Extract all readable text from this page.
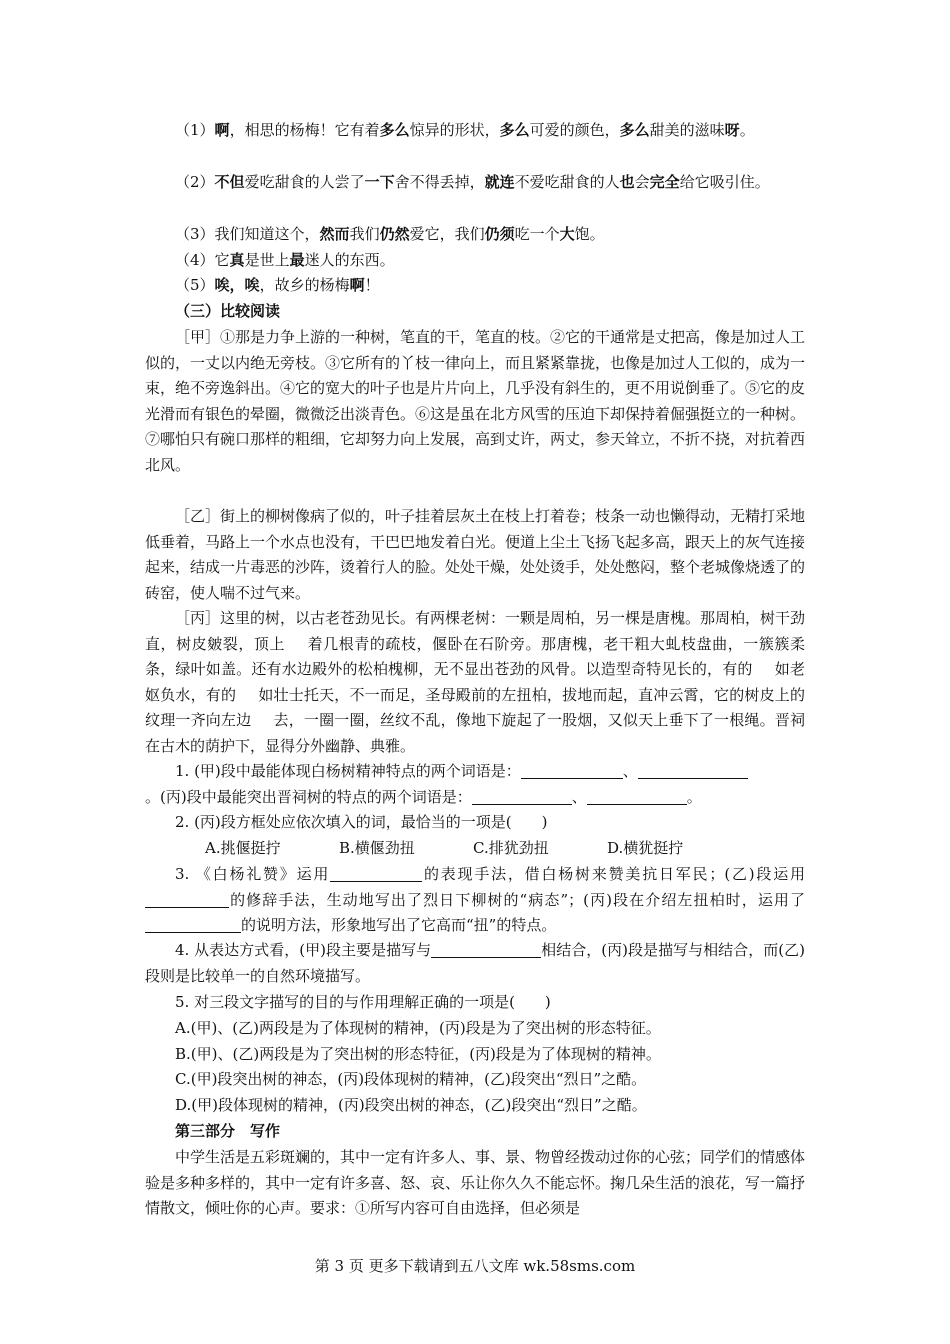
（1）啊，相思的杨梅！它有着多么惊异的形状，多么可爱的颜色，多么甜美的滋味呀。

（2）不但爱吃甜食的人尝了一下舍不得丢掉，就连不爱吃甜食的人也会完全给它吸引住。

（3）我们知道这个，然而我们仍然爱它，我们仍须吃一个大饱。

（4）它真是世上最迷人的东西。

（5）唉，唉，故乡的杨梅啊！

（三）比较阅读

［甲］①那是力争上游的一种树，笔直的干，笔直的枝。②它的干通常是丈把高，像是加过人工似的，一丈以内绝无旁枝。③它所有的丫枝一律向上，而且紧紧靠拢，也像是加过人工似的，成为一束，绝不旁逸斜出。④它的宽大的叶子也是片片向上，几乎没有斜生的，更不用说倒垂了。⑤它的皮光滑而有银色的晕圈，微微泛出淡青色。⑥这是虽在北方风雪的压迫下却保持着倔强挺立的一种树。⑦哪怕只有碗口那样的粗细，它却努力向上发展，高到丈许，两丈，参天耸立，不折不挠，对抗着西北风。

［乙］街上的柳树像病了似的，叶子挂着层灰土在枝上打着卷；枝条一动也懒得动，无精打采地低垂着，马路上一个水点也没有，干巴巴地发着白光。便道上尘土飞扬飞起多高，跟天上的灰气连接起来，结成一片毒恶的沙阵，烫着行人的脸。处处干燥，处处烫手，处处憋闷，整个老城像烧透了的砖窑，使人喘不过气来。

［丙］这里的树，以古老苍劲见长。有两棵老树：一颗是周柏，另一棵是唐槐。那周柏，树干劲直，树皮皴裂，顶上 着几根青的疏枝，偃卧在石阶旁。那唐槐，老干粗大虬枝盘曲，一簇簇柔条，绿叶如盖。还有水边殿外的松柏槐柳，无不显出苍劲的风骨。以造型奇特见长的，有的 如老妪负水，有的 如壮士托天，不一而足，圣母殿前的左扭柏，拔地而起，直冲云霄，它的树皮上的纹理一齐向左边 去，一圈一圈，丝纹不乱，像地下旋起了一股烟，又似天上垂下了一根绳。晋祠在古木的荫护下，显得分外幽静、典雅。

1. (甲)段中最能体现白杨树精神特点的两个词语是：	、
。(丙)段中最能突出晋祠树的特点的两个词语是：	、	。

2. (丙)段方框处应依次填入的词，最恰当的一项是(　　)

A.挑偃挺拧	B.横偃劲扭	C.排犹劲扭	D.横犹挺拧

3. 《白杨礼赞》运用	的表现手法，借白杨树来赞美抗日军民；(乙)段运用的修辞手法，生动地写出了烈日下柳树的“病态”；(丙)段在介绍左扭柏时，运用了的说明方法，形象地写出了它高而“扭”的特点。

4. 从表达方式看，(甲)段主要是描写与	相结合，(丙)段是描写与相结合，而(乙)段则是比较单一的自然环境描写。

5. 对三段文字描写的目的与作用理解正确的一项是(　　)

A.(甲)、(乙)两段是为了体现树的精神，(丙)段是为了突出树的形态特征。

B.(甲)、(乙)两段是为了突出树的形态特征，(丙)段是为了体现树的精神。

C.(甲)段突出树的神态，(丙)段体现树的精神，(乙)段突出“烈日”之酷。

D.(甲)段体现树的精神，(丙)段突出树的神态，(乙)段突出“烈日”之酷。

第三部分　写作

中学生活是五彩斑斓的，其中一定有许多人、事、景、物曾经拨动过你的心弦；同学们的情感体验是多种多样的，其中一定有许多喜、怒、哀、乐让你久久不能忘怀。掬几朵生活的浪花，写一篇抒情散文，倾吐你的心声。要求：①所写内容可自由选择，但必须是

第 3 页 更多下载请到五八文库 wk.58sms.com
